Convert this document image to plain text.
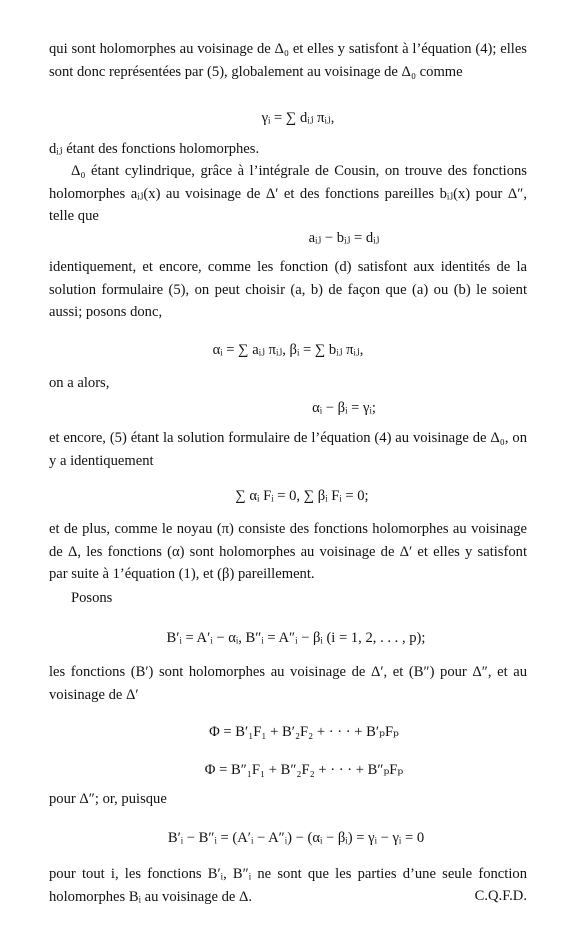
qui sont holomorphes au voisinage de Δ₀ et elles y satisfont à l’équation (4); elles sont donc représentées par (5), globalement au voisinage de Δ₀ comme

γᵢ = ∑ dᵢⱼ πᵢⱼ,

dᵢⱼ étant des fonctions holomorphes.

Δ₀ étant cylindrique, grâce à l’intégrale de Cousin, on trouve des fonctions holomorphes aᵢⱼ(x) au voisinage de Δ′ et des fonctions pareilles bᵢⱼ(x) pour Δ″, telle que

aᵢⱼ − bᵢⱼ = dᵢⱼ

identiquement, et encore, comme les fonction (d) satisfont aux identités de la solution formulaire (5), on peut choisir (a, b) de façon que (a) ou (b) le soient aussi; posons donc,

αᵢ = ∑ aᵢⱼ πᵢⱼ, βᵢ = ∑ bᵢⱼ πᵢⱼ,

on a alors,

αᵢ − βᵢ = γᵢ;

et encore, (5) étant la solution formulaire de l’équation (4) au voisinage de Δ₀, on y a identiquement

∑ αᵢ Fᵢ = 0, ∑ βᵢ Fᵢ = 0;

et de plus, comme le noyau (π) consiste des fonctions holomorphes au voisinage de Δ, les fonctions (α) sont holomorphes au voisinage de Δ′ et elles y satisfont par suite à 1’équation (1), et (β) pareillement.

Posons

B′ᵢ = A′ᵢ − αᵢ, B″ᵢ = A″ᵢ − βᵢ (i = 1, 2, . . . , p);

les fonctions (B′) sont holomorphes au voisinage de Δ′, et (B″) pour Δ″, et au voisinage de Δ′

Φ = B′₁F₁ + B′₂F₂ + · · · + B′ₚFₚ
Φ = B″₁F₁ + B″₂F₂ + · · · + B″ₚFₚ

pour Δ″; or, puisque

B′ᵢ − B″ᵢ = (A′ᵢ − A″ᵢ) − (αᵢ − βᵢ) = γᵢ − γᵢ = 0

pour tout i, les fonctions B′ᵢ, B″ᵢ ne sont que les parties d’une seule fonction holomorphes Bᵢ au voisinage de Δ.	C.Q.F.D.
